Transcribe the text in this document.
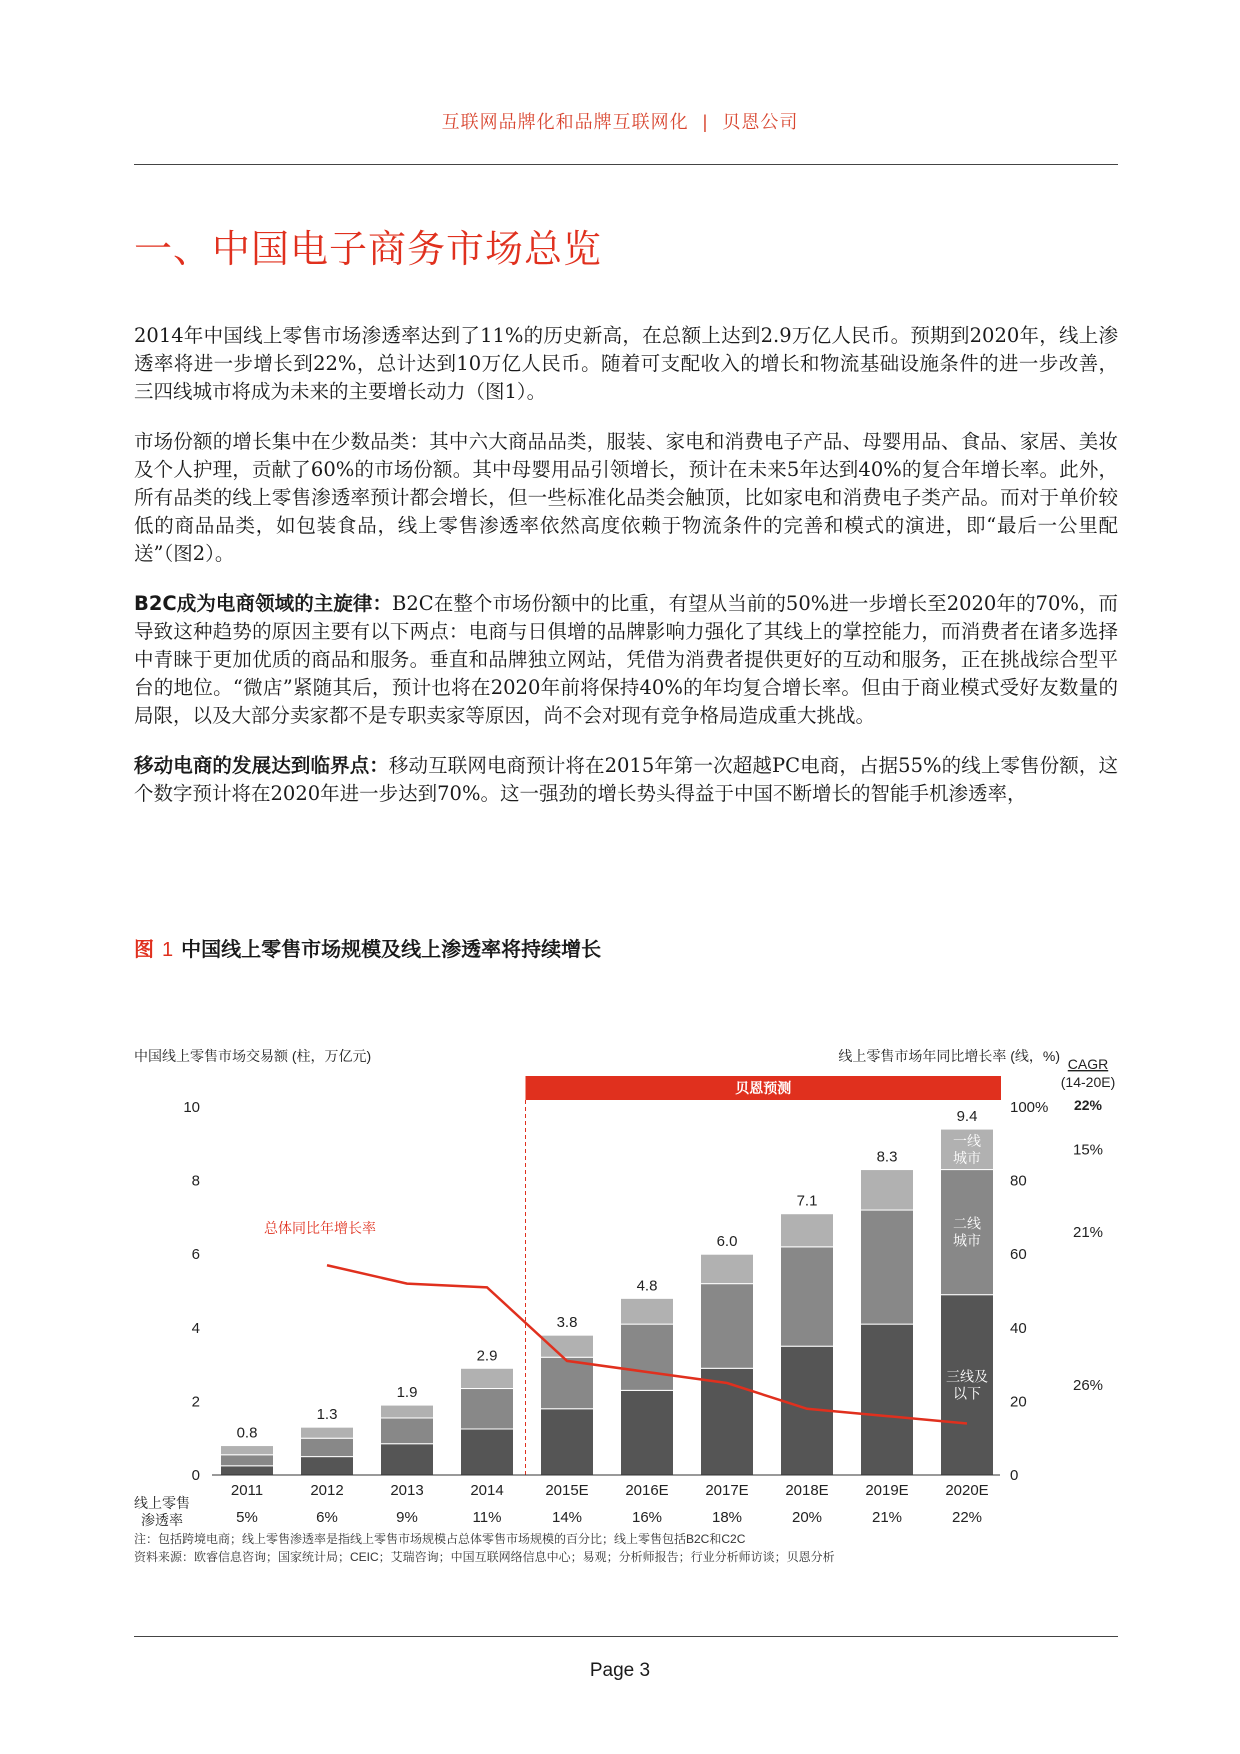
互联网品牌化和品牌互联网化 | 贝恩公司
一、中国电子商务市场总览

2014年中国线上零售市场渗透率达到了11%的历史新高，在总额上达到2.9万亿人民币。预期到2020年，线上渗透率将进一步增长到22%，总计达到10万亿人民币。随着可支配收入的增长和物流基础设施条件的进一步改善，三四线城市将成为未来的主要增长动力（图1）。

市场份额的增长集中在少数品类：其中六大商品品类，服装、家电和消费电子产品、母婴用品、食品、家居、美妆及个人护理，贡献了60%的市场份额。其中母婴用品引领增长，预计在未来5年达到40%的复合年增长率。此外，所有品类的线上零售渗透率预计都会增长，但一些标准化品类会触顶，比如家电和消费电子类产品。而对于单价较低的商品品类，如包装食品，线上零售渗透率依然高度依赖于物流条件的完善和模式的演进，即“最后一公里配送”（图2）。

B2C成为电商领域的主旋律：B2C在整个市场份额中的比重，有望从当前的50%进一步增长至2020年的70%，而导致这种趋势的原因主要有以下两点：电商与日俱增的品牌影响力强化了其线上的掌控能力，而消费者在诸多选择中青睐于更加优质的商品和服务。垂直和品牌独立网站，凭借为消费者提供更好的互动和服务，正在挑战综合型平台的地位。“微店”紧随其后，预计也将在2020年前将保持40%的年均复合增长率。但由于商业模式受好友数量的局限，以及大部分卖家都不是专职卖家等原因，尚不会对现有竞争格局造成重大挑战。

移动电商的发展达到临界点：移动互联网电商预计将在2015年第一次超越PC电商，占据55%的线上零售份额，这个数字预计将在2020年进一步达到70%。这一强劲的增长势头得益于中国不断增长的智能手机渗透率，

图 1 中国线上零售市场规模及线上渗透率将持续增长
贝恩预测
中国线上零售市场交易额 (柱，万亿元)	线上零售市场年同比增长率 (线，%)
0
2
4
6
8
10
0
20
40
60
80
100%
0.8
2011
5%
1.3
2012
6%
1.9
2013
9%
2.9
2014
11%
3.8
2015E
14%
4.8
2016E
16%
6.0
2017E
18%
7.1
2018E
20%
8.3
2019E
21%
9.4
2020E
22%
一线
城市
二线
城市
三线及
以下
总体同比年增长率
线上零售
渗透率
CAGR
(14-20E)
22%
15%
21%
26%
注：包括跨境电商；线上零售渗透率是指线上零售市场规模占总体零售市场规模的百分比；线上零售包括B2C和C2C
资料来源：欧睿信息咨询；国家统计局；CEIC；艾瑞咨询；中国互联网络信息中心；易观；分析师报告；行业分析师访谈；贝恩分析
Page 3
